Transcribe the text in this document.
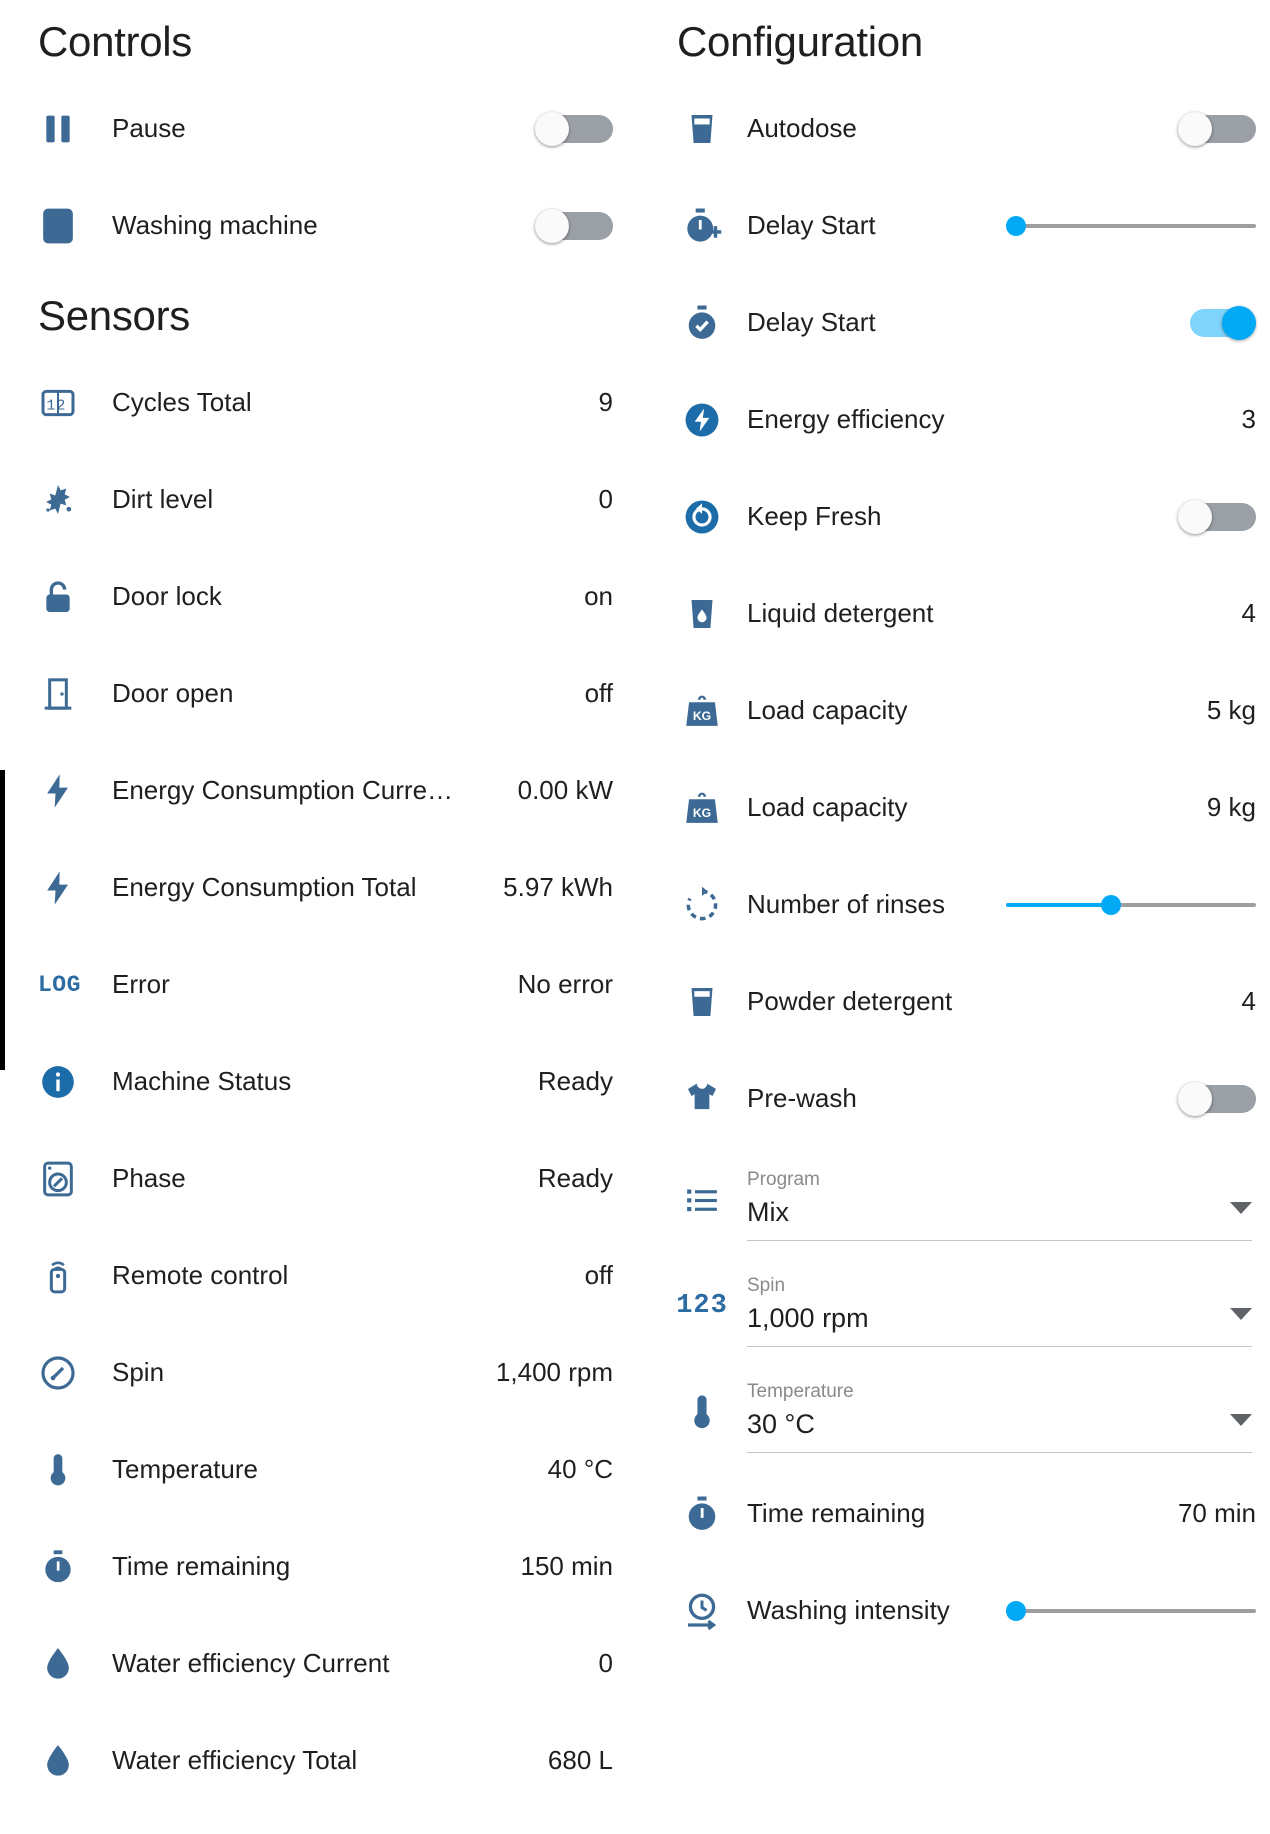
Controls
Pause
Washing machine
Sensors
1 2 Cycles Total	9
Dirt level	0
Door lock	on
Door open	off
Energy Consumption Curre…	0.00 kW
Energy Consumption Total	5.97 kWh
LOG Error	No error
Machine Status	Ready
Phase	Ready
Remote control	off
Spin	1,400 rpm
Temperature	40 °C
Time remaining	150 min
Water efficiency Current	0
Water efficiency Total	680 L
Configuration
Autodose
Delay Start
Delay Start
Energy efficiency	3
Keep Fresh
Liquid detergent	4
KG Load capacity	5 kg
KG Load capacity	9 kg
Number of rinses
Powder detergent	4
Pre-wash
Program
Mix
123
Spin
1,000 rpm
Temperature
30 °C
Time remaining	70 min
Washing intensity
